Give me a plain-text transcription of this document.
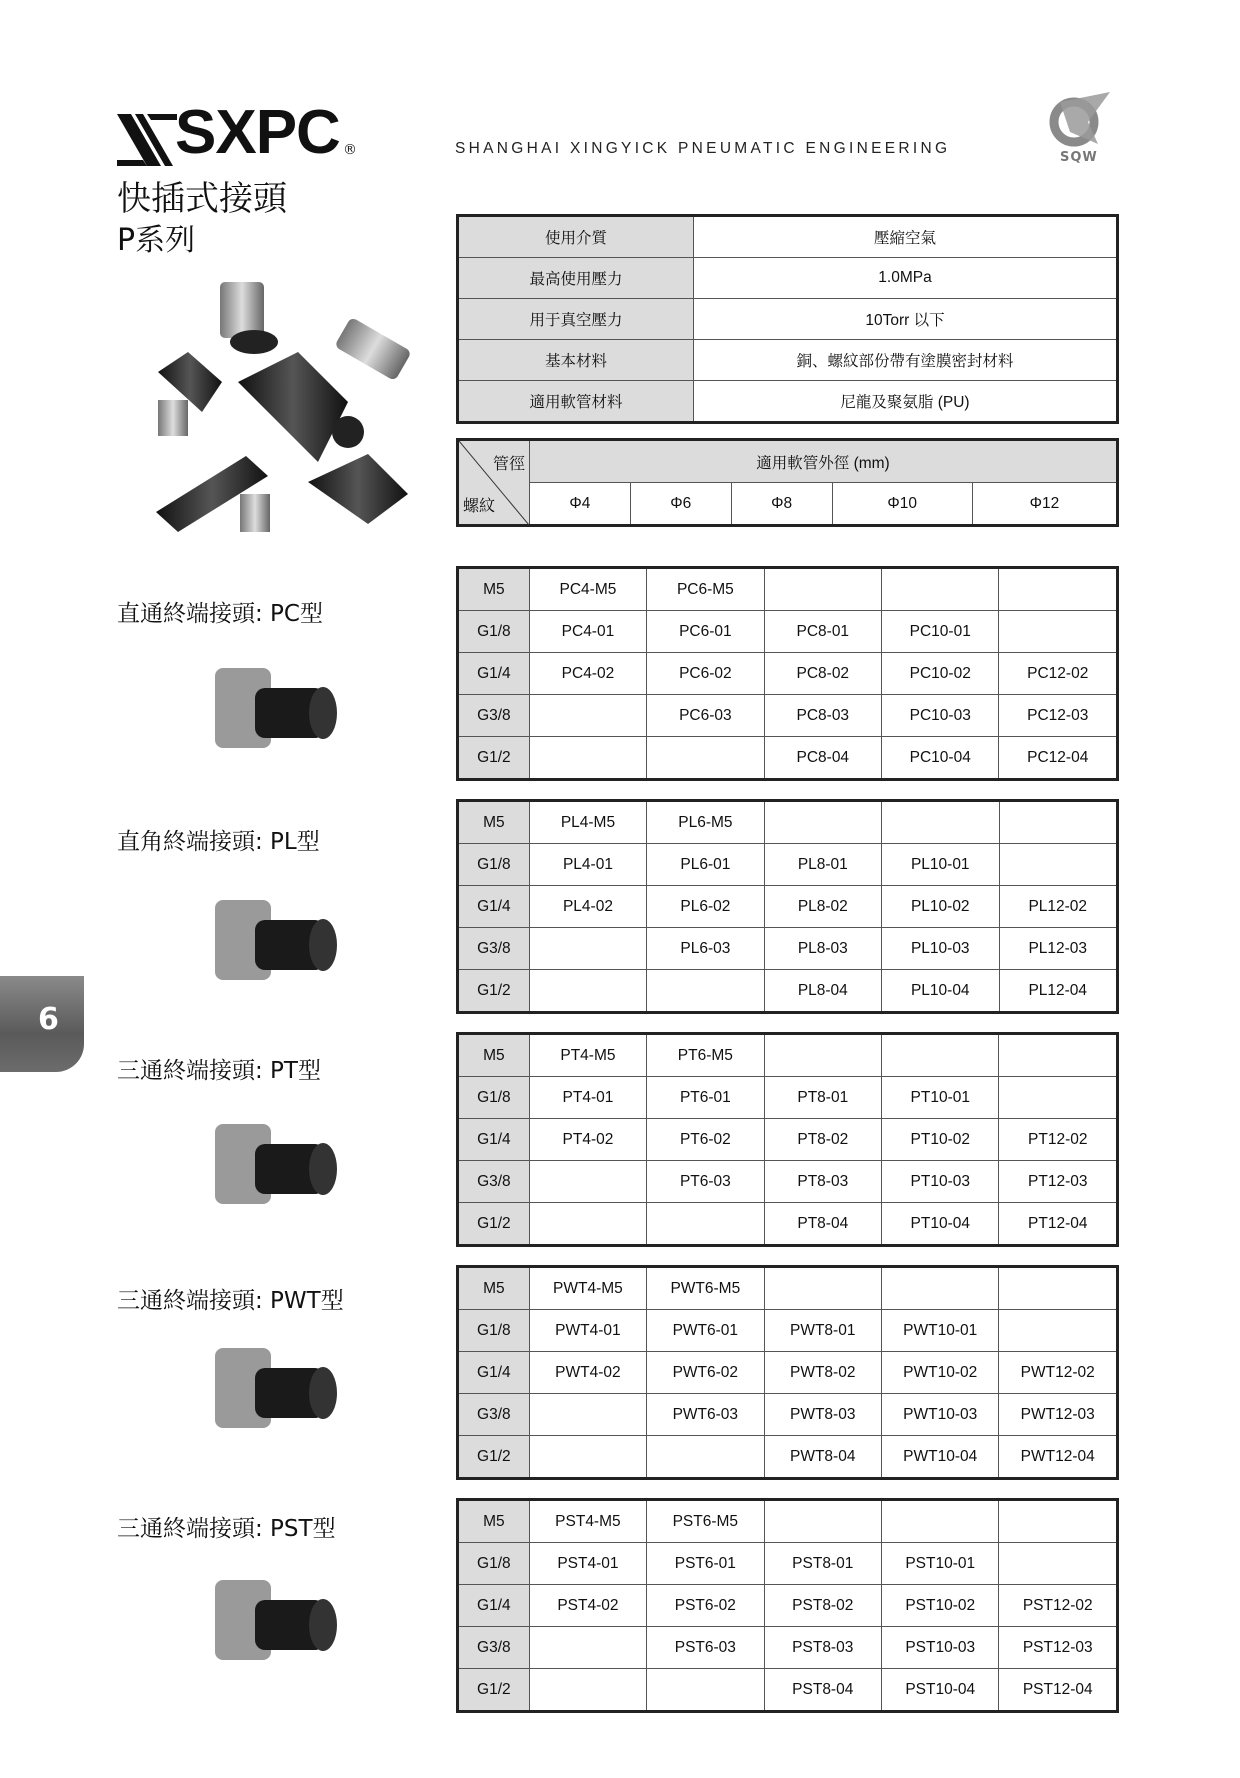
SXPC ®	SHANGHAI XINGYICK PNEUMATIC ENGINEERING
SQW
快插式接頭
P系列	使用介質	壓縮空氣
最高使用壓力	1.0MPa
用于真空壓力	10Torr 以下
基本材料	銅、螺紋部份帶有塗膜密封材料
適用軟管材料	尼龍及聚氨脂 (PU)
管徑
螺紋	適用軟管外徑 (mm)				
	Φ4	Φ6	Φ8	Φ10	Φ12
直通終端接頭: PC型
M5	PC4-M5	PC6-M5			
G1/8	PC4-01	PC6-01	PC8-01	PC10-01	
G1/4	PC4-02	PC6-02	PC8-02	PC10-02	PC12-02
G3/8		PC6-03	PC8-03	PC10-03	PC12-03
G1/2			PC8-04	PC10-04	PC12-04
直角終端接頭: PL型
M5	PL4-M5	PL6-M5			
G1/8	PL4-01	PL6-01	PL8-01	PL10-01	
G1/4	PL4-02	PL6-02	PL8-02	PL10-02	PL12-02
G3/8		PL6-03	PL8-03	PL10-03	PL12-03
G1/2			PL8-04	PL10-04	PL12-04
三通終端接頭: PT型
M5	PT4-M5	PT6-M5			
G1/8	PT4-01	PT6-01	PT8-01	PT10-01	
G1/4	PT4-02	PT6-02	PT8-02	PT10-02	PT12-02
G3/8		PT6-03	PT8-03	PT10-03	PT12-03
G1/2			PT8-04	PT10-04	PT12-04
三通終端接頭: PWT型	M5	PWT4-M5	PWT6-M5			
G1/8	PWT4-01	PWT6-01	PWT8-01	PWT10-01	
G1/4	PWT4-02	PWT6-02	PWT8-02	PWT10-02	PWT12-02
G3/8		PWT6-03	PWT8-03	PWT10-03	PWT12-03
G1/2			PWT8-04	PWT10-04	PWT12-04
三通終端接頭: PST型	M5	PST4-M5	PST6-M5			
G1/8	PST4-01	PST6-01	PST8-01	PST10-01	
G1/4	PST4-02	PST6-02	PST8-02	PST10-02	PST12-02
G3/8		PST6-03	PST8-03	PST10-03	PST12-03
G1/2			PST8-04	PST10-04	PST12-04
6
